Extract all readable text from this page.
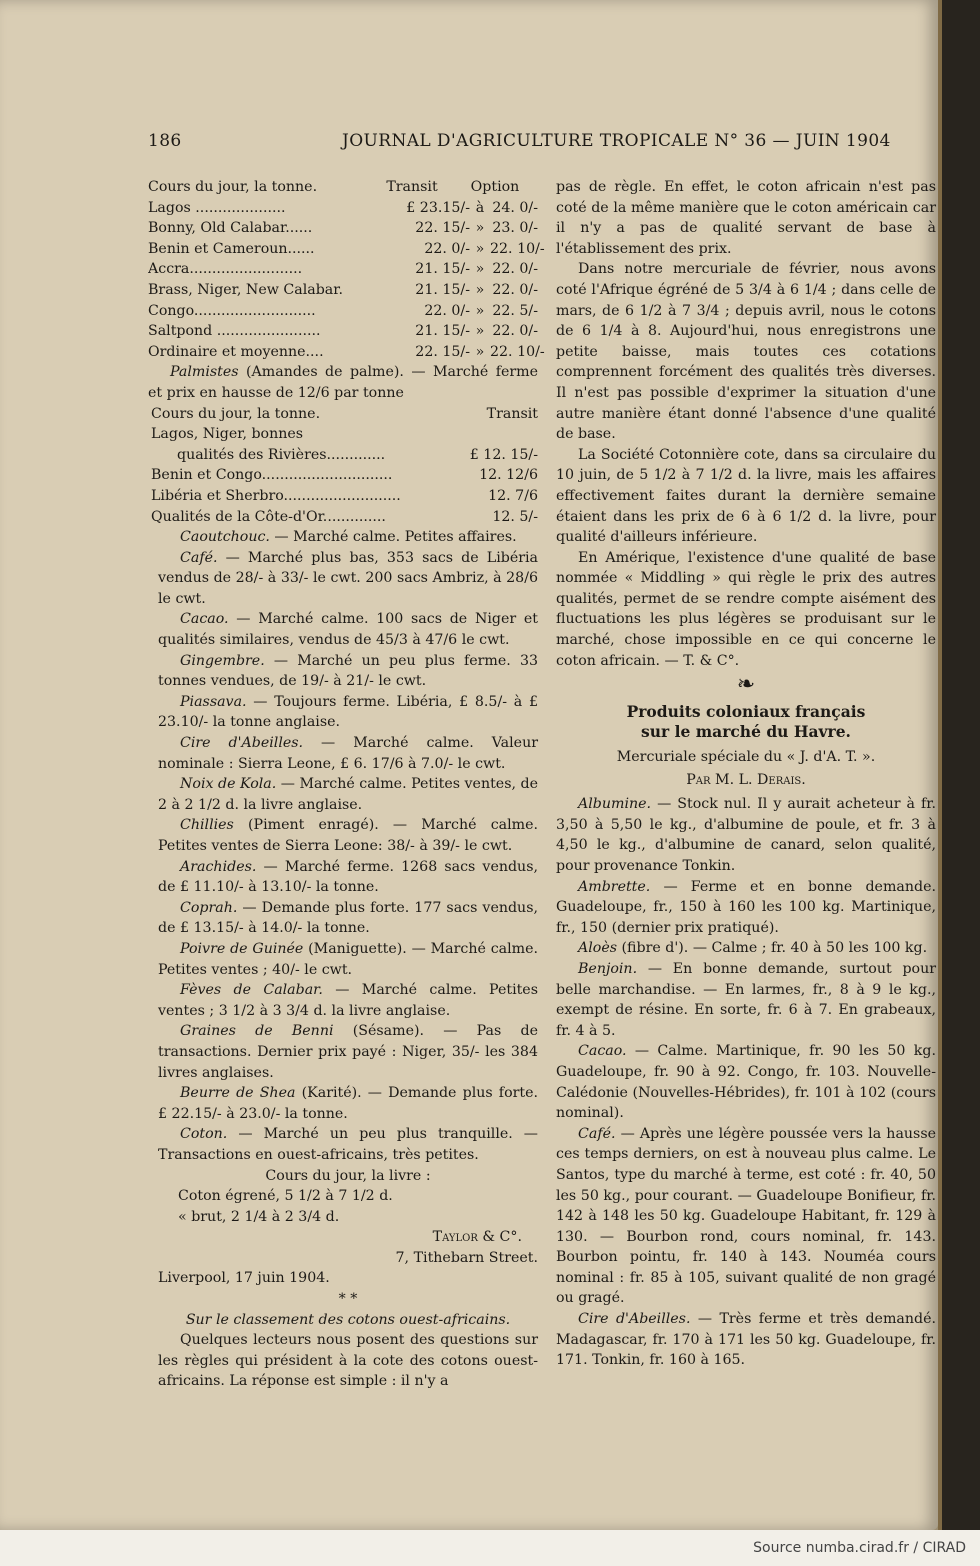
Source numba.cirad.fr / CIRAD
186	JOURNAL D'AGRICULTURE TROPICALE N° 36 — JUIN 1904
Cours du jour, la tonne.	Transit	Option
Lagos ....................	£ 23.15/- à 24. 0/-
Bonny, Old Calabar......	22. 15/- » 23. 0/-
Benin et Cameroun......	22. 0/- » 22. 10/-
Accra.........................	21. 15/- » 22. 0/-
Brass, Niger, New Calabar.	21. 15/- » 22. 0/-
Congo...........................	22. 0/- » 22. 5/-
Saltpond .......................	21. 15/- » 22. 0/-
Ordinaire et moyenne....	22. 15/- » 22. 10/-

Palmistes (Amandes de palme). — Marché ferme et prix en hausse de 12/6 par tonne

Cours du jour, la tonne.	Transit
Lagos, Niger, bonnes
qualités des Rivières.............	£ 12. 15/-
Benin et Congo.............................	12. 12/6
Libéria et Sherbro..........................	12. 7/6
Qualités de la Côte-d'Or..............	12. 5/-

Caoutchouc. — Marché calme. Petites affaires.

Café. — Marché plus bas, 353 sacs de Libéria vendus de 28/- à 33/- le cwt. 200 sacs Ambriz, à 28/6 le cwt.

Cacao. — Marché calme. 100 sacs de Niger et qualités similaires, vendus de 45/3 à 47/6 le cwt.

Gingembre. — Marché un peu plus ferme. 33 tonnes vendues, de 19/- à 21/- le cwt.

Piassava. — Toujours ferme. Libéria, £ 8.5/- à £ 23.10/- la tonne anglaise.

Cire d'Abeilles. — Marché calme. Valeur nominale : Sierra Leone, £ 6. 17/6 à 7.0/- le cwt.

Noix de Kola. — Marché calme. Petites ventes, de 2 à 2 1/2 d. la livre anglaise.

Chillies (Piment enragé). — Marché calme. Petites ventes de Sierra Leone: 38/- à 39/- le cwt.

Arachides. — Marché ferme. 1268 sacs vendus, de £ 11.10/- à 13.10/- la tonne.

Coprah. — Demande plus forte. 177 sacs vendus, de £ 13.15/- à 14.0/- la tonne.

Poivre de Guinée (Maniguette). — Marché calme. Petites ventes ; 40/- le cwt.

Fèves de Calabar. — Marché calme. Petites ventes ; 3 1/2 à 3 3/4 d. la livre anglaise.

Graines de Benni (Sésame). — Pas de transactions. Dernier prix payé : Niger, 35/- les 384 livres anglaises.

Beurre de Shea (Karité). — Demande plus forte. £ 22.15/- à 23.0/- la tonne.

Coton. — Marché un peu plus tranquille. — Transactions en ouest-africains, très petites.

Cours du jour, la livre :

Coton égrené, 5 1/2 à 7 1/2 d.

« brut, 2 1/4 à 2 3/4 d.

Taylor & C°.

7, Tithebarn Street.

Liverpool, 17 juin 1904.

* *

Sur le classement des cotons ouest-africains.

Quelques lecteurs nous posent des questions sur les règles qui président à la cote des cotons ouest-africains. La réponse est simple : il n'y a

pas de règle. En effet, le coton africain n'est pas coté de la même manière que le coton américain car il n'y a pas de qualité servant de base à l'établissement des prix.

Dans notre mercuriale de février, nous avons coté l'Afrique égréné de 5 3/4 à 6 1/4 ; dans celle de mars, de 6 1/2 à 7 3/4 ; depuis avril, nous le cotons de 6 1/4 à 8. Aujourd'hui, nous enregistrons une petite baisse, mais toutes ces cotations comprennent forcément des qualités très diverses. Il n'est pas possible d'exprimer la situation d'une autre manière étant donné l'absence d'une qualité de base.

La Société Cotonnière cote, dans sa circulaire du 10 juin, de 5 1/2 à 7 1/2 d. la livre, mais les affaires effectivement faites durant la dernière semaine étaient dans les prix de 6 à 6 1/2 d. la livre, pour qualité d'ailleurs inférieure.

En Amérique, l'existence d'une qualité de base nommée « Middling » qui règle le prix des autres qualités, permet de se rendre compte aisément des fluctuations les plus légères se produisant sur le marché, chose impossible en ce qui concerne le coton africain. — T. & C°.

❧

Produits coloniaux français

sur le marché du Havre.

Mercuriale spéciale du « J. d'A. T. ».

Par M. L. Derais.

Albumine. — Stock nul. Il y aurait acheteur à fr. 3,50 à 5,50 le kg., d'albumine de poule, et fr. 3 à 4,50 le kg., d'albumine de canard, selon qualité, pour provenance Tonkin.

Ambrette. — Ferme et en bonne demande. Guadeloupe, fr., 150 à 160 les 100 kg. Martinique, fr., 150 (dernier prix pratiqué).

Aloès (fibre d'). — Calme ; fr. 40 à 50 les 100 kg.

Benjoin. — En bonne demande, surtout pour belle marchandise. — En larmes, fr., 8 à 9 le kg., exempt de résine. En sorte, fr. 6 à 7. En grabeaux, fr. 4 à 5.

Cacao. — Calme. Martinique, fr. 90 les 50 kg. Guadeloupe, fr. 90 à 92. Congo, fr. 103. Nouvelle-Calédonie (Nouvelles-Hébrides), fr. 101 à 102 (cours nominal).

Café. — Après une légère poussée vers la hausse ces temps derniers, on est à nouveau plus calme. Le Santos, type du marché à terme, est coté : fr. 40, 50 les 50 kg., pour courant. — Guadeloupe Bonifieur, fr. 142 à 148 les 50 kg. Guadeloupe Habitant, fr. 129 à 130. — Bourbon rond, cours nominal, fr. 143. Bourbon pointu, fr. 140 à 143. Nouméa cours nominal : fr. 85 à 105, suivant qualité de non gragé ou gragé.

Cire d'Abeilles. — Très ferme et très demandé. Madagascar, fr. 170 à 171 les 50 kg. Guadeloupe, fr. 171. Tonkin, fr. 160 à 165.
